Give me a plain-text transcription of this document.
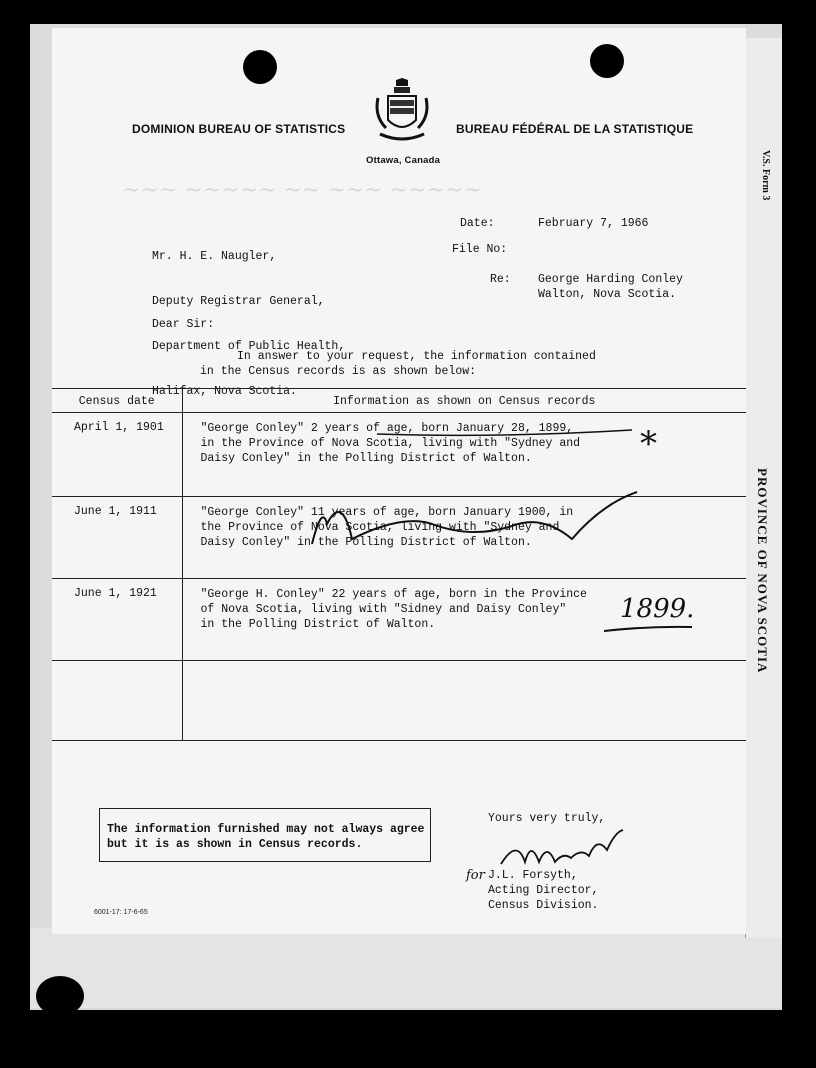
V.S. Form 3
PROVINCE OF NOVA SCOTIA
~~~ ~~~~~ ~~ ~~~ ~~~~~
DOMINION BUREAU OF STATISTICS	BUREAU FÉDÉRAL DE LA STATISTIQUE
Ottawa, Canada

Mr. H. E. Naugler,

Deputy Registrar General,

Department of Public Health,

Halifax, Nova Scotia.

Date:	February 7, 1966
File No:
Re: George Harding Conley
Walton, Nova Scotia.
Dear Sir:
In answer to your request, the information contained
in the Census records is as shown below:
Census date	Information as shown on Census records
April 1, 1901	"George Conley" 2 years of age, born January 28, 1899,
in the Province of Nova Scotia, living with "Sydney and
Daisy Conley" in the Polling District of Walton.

June 1, 1911	"George Conley" 11 years of age, born January 1900, in
the Province of Nova Scotia, living with "Sydney and
Daisy Conley" in the Polling District of Walton.

June 1, 1921	"George H. Conley" 22 years of age, born in the Province
of Nova Scotia, living with "Sidney and Daisy Conley"
in the Polling District of Walton.

*
1899.
The information furnished may not always agree
but it is as shown in Census records.
Yours very truly,
for J.L. Forsyth,
Acting Director,
Census Division.
6001-17: 17-6-65
